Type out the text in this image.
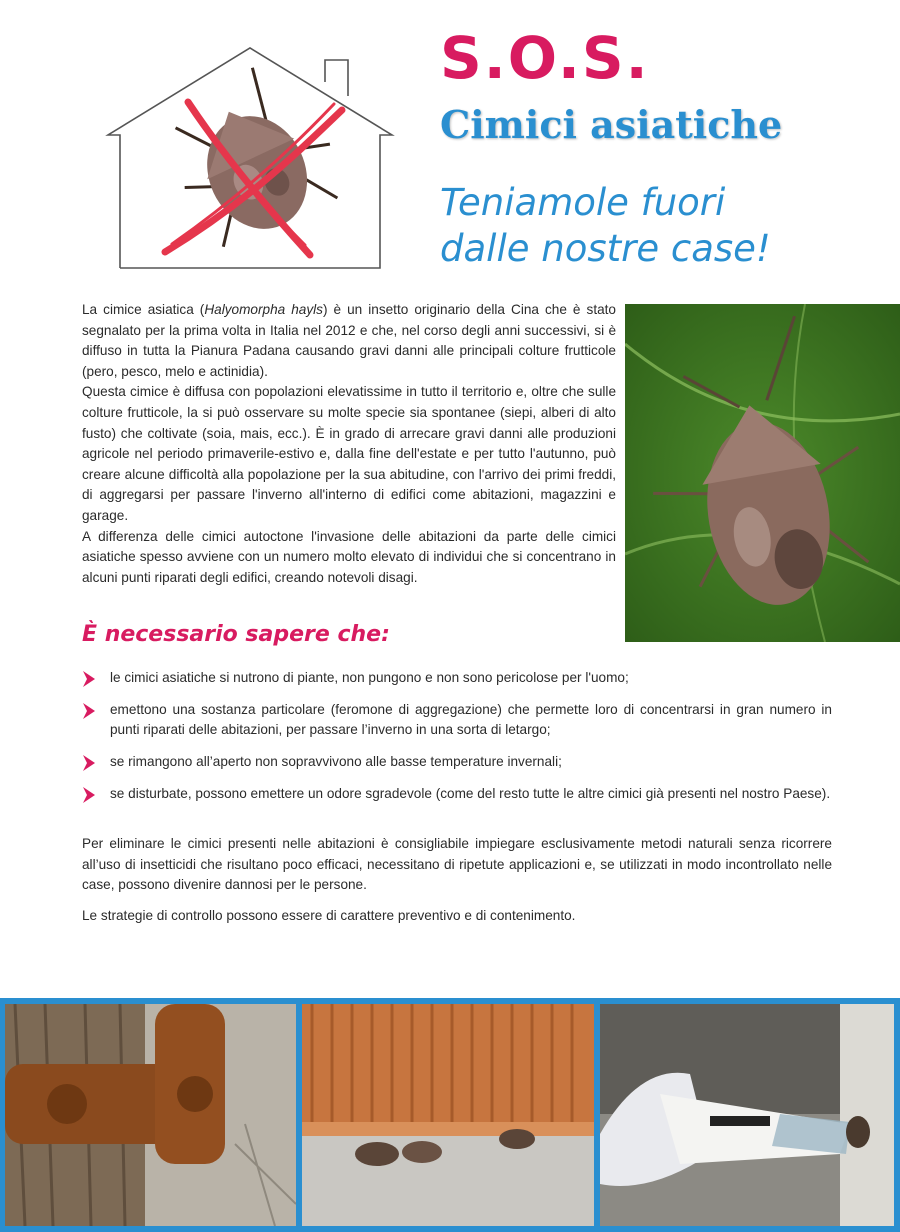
S.O.S.
Cimici asiatiche
Teniamole fuori
dalle nostre case!

La cimice asiatica (Halyomorpha hayls) è un insetto originario della Cina che è stato segnalato per la prima volta in Italia nel 2012 e che, nel corso degli anni successivi, si è diffuso in tutta la Pianura Padana causando gravi danni alle principali colture frutticole (pero, pesco, melo e actinidia).

Questa cimice è diffusa con popolazioni elevatissime in tutto il territorio e, oltre che sulle colture frutticole, la si può osservare su molte specie sia spontanee (siepi, alberi di alto fusto) che coltivate (soia, mais, ecc.). È in grado di arrecare gravi danni alle produzioni agricole nel periodo primaverile-estivo e, dalla fine dell'estate e per tutto l'autunno, può creare alcune difficoltà alla popolazione per la sua abitudine, con l'arrivo dei primi freddi, di aggregarsi per passare l'inverno all'interno di edifici come abitazioni, magazzini e garage.

A differenza delle cimici autoctone l'invasione delle abitazioni da parte delle cimici asiatiche spesso avviene con un numero molto elevato di individui che si concentrano in alcuni punti riparati degli edifici, creando notevoli disagi.

È necessario sapere che:
le cimici asiatiche si nutrono di piante, non pungono e non sono pericolose per l'uomo;
emettono una sostanza particolare (feromone di aggregazione) che permette loro di concentrarsi in gran numero in punti riparati delle abitazioni, per passare l’inverno in una sorta di letargo;
se rimangono all’aperto non sopravvivono alle basse temperature invernali;
se disturbate, possono emettere un odore sgradevole (come del resto tutte le altre cimici già presenti nel nostro Paese).

Per eliminare le cimici presenti nelle abitazioni è consigliabile impiegare esclusivamente metodi naturali senza ricorrere all’uso di insetticidi che risultano poco efficaci, necessitano di ripetute applicazioni e, se utilizzati in modo incontrollato nelle case, possono divenire dannosi per le persone.

Le strategie di controllo possono essere di carattere preventivo e di contenimento.
